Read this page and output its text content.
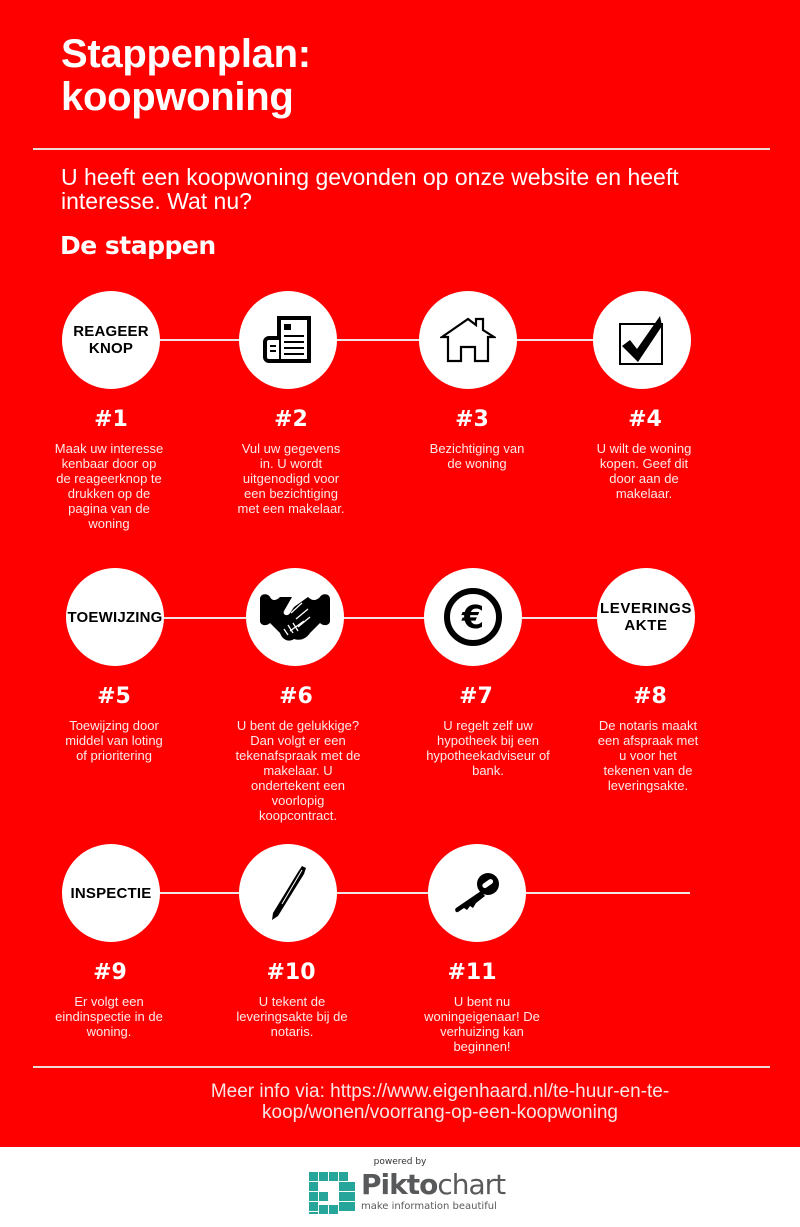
Stappenplan:
koopwoning
U heeft een koopwoning gevonden op onze website en heeft interesse. Wat nu?
De stappen
REAGEER KNOP
#1	#2	#3	#4
Maak uw interesse kenbaar door op de reageerknop te drukken op de pagina van de woning
Vul uw gegevens in. U wordt uitgenodigd voor een bezichtiging met een makelaar.
Bezichtiging van de woning
U wilt de woning kopen. Geef dit door aan de makelaar.
TOEWIJZING	€	LEVERINGS AKTE
#5	#6	#7	#8
Toewijzing door middel van loting of prioritering
U bent de gelukkige?Dan volgt er een tekenafspraak met de makelaar. U ondertekent een voorlopig koopcontract.
U regelt zelf uw hypotheek bij een hypotheekadviseur of bank.
De notaris maakt een afspraak met u voor het tekenen van de leveringsakte.
INSPECTIE
#9	#10	#11
Er volgt een eindinspectie in de woning.
U tekent de leveringsakte bij de notaris.
U bent nu woningeigenaar! De verhuizing kan beginnen!
Meer info via: https://www.eigenhaard.nl/te-huur-en-te-koop/wonen/voorrang-op-een-koopwoning
powered by
Piktochart
make information beautiful
